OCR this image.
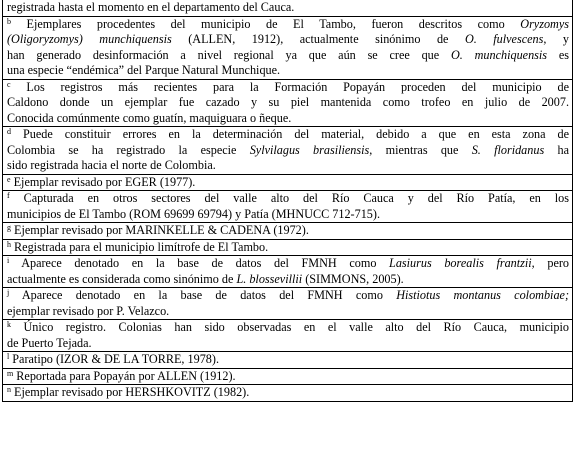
registrada hasta el momento en el departamento del Cauca.
$^b$ Ejemplares procedentes del municipio de El Tambo, fueron descritos como Oryzomys
(Oligoryzomys) munchiquensis (ALLEN, 1912), actualmente sinónimo de O. fulvescens, y
han generado desinformación a nivel regional ya que aún se cree que O. munchiquensis es
una especie “endémica” del Parque Natural Munchique.
$^c$ Los registros más recientes para la Formación Popayán proceden del municipio de
Caldono donde un ejemplar fue cazado y su piel mantenida como trofeo en julio de 2007.
Conocida comúnmente como guatín, maquiguara o ñeque.
$^d$ Puede constituir errores en la determinación del material, debido a que en esta zona de
Colombia se ha registrado la especie Sylvilagus brasiliensis, mientras que S. floridanus ha
sido registrada hacia el norte de Colombia.
$^e$ Ejemplar revisado por EGER (1977).
$^f$ Capturada en otros sectores del valle alto del Río Cauca y del Río Patía, en los
municipios de El Tambo (ROM 69699 69794) y Patía (MHNUCC 712-715).
$^g$ Ejemplar revisado por MARINKELLE & CADENA (1972).
$^h$ Registrada para el municipio limítrofe de El Tambo.
$^i$ Aparece denotado en la base de datos del FMNH como Lasiurus borealis frantzii, pero
actualmente es considerada como sinónimo de L. blossevillii (SIMMONS, 2005).
$^j$ Aparece denotado en la base de datos del FMNH como Histiotus montanus colombiae;
ejemplar revisado por P. Velazco.
$^k$ Único registro. Colonias han sido observadas en el valle alto del Río Cauca, municipio
de Puerto Tejada.
$^l$ Paratipo (IZOR & DE LA TORRE, 1978).
$^m$ Reportada para Popayán por ALLEN (1912).
$^n$ Ejemplar revisado por HERSHKOVITZ (1982).
